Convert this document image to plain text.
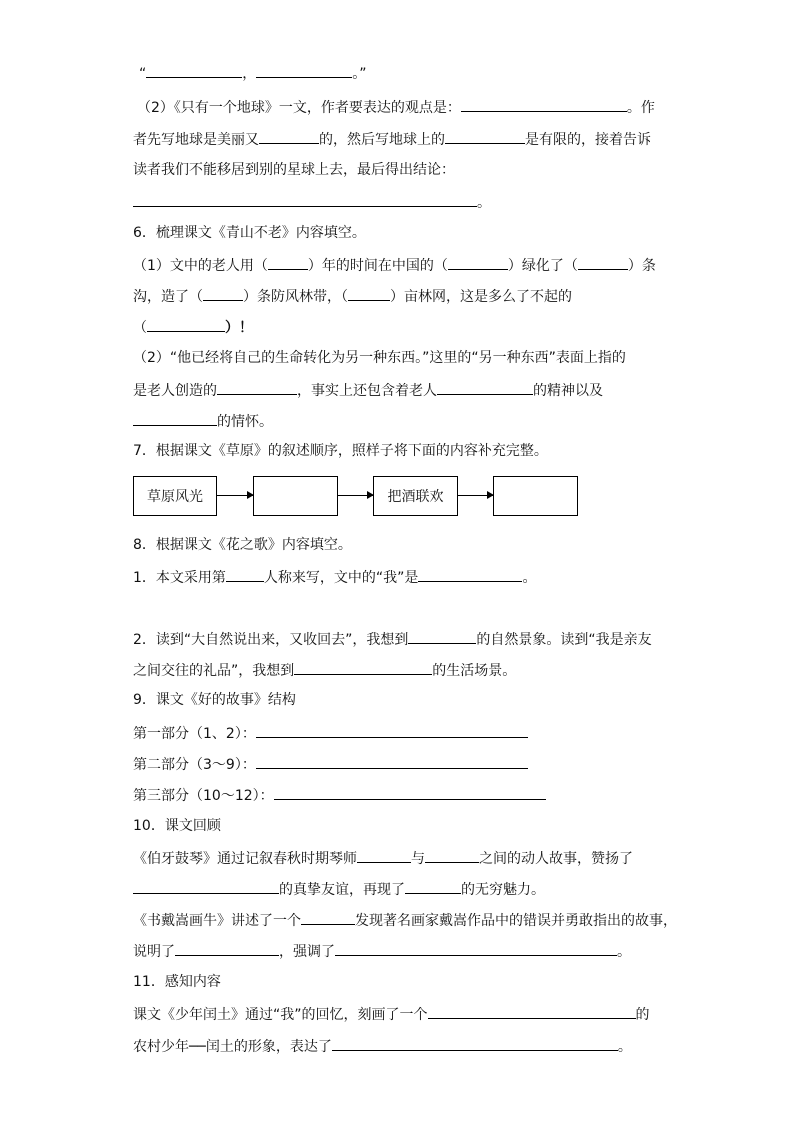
“	，	。”
（2）《只有一个地球》一文，作者要表达的观点是：	。作
者先写地球是美丽又	的，然后写地球上的	是有限的，接着告诉
读者我们不能移居到别的星球上去，最后得出结论：
。
6．梳理课文《青山不老》内容填空。
（1）文中的老人用（	）年的时间在中国的（	）绿化了（	）条
沟，造了（	）条防风林带，（	）亩林网，这是多么了不起的
（	）！
（2）“他已经将自己的生命转化为另一种东西。”这里的“另一种东西”表面上指的
是老人创造的	，事实上还包含着老人	的精神以及
的情怀。
7．根据课文《草原》的叙述顺序，照样子将下面的内容补充完整。
草原风光	把酒联欢
8．根据课文《花之歌》内容填空。
1．本文采用第	人称来写，文中的“我”是	。
2．读到“大自然说出来，又收回去”，我想到	的自然景象。读到“我是亲友
之间交往的礼品”，我想到	的生活场景。
9．课文《好的故事》结构
第一部分（1、2）：
第二部分（3～9）：
第三部分（10～12）：
10．课文回顾
《伯牙鼓琴》通过记叙春秋时期琴师	与	之间的动人故事，赞扬了
的真挚友谊，再现了	的无穷魅力。
《书戴嵩画牛》讲述了一个	发现著名画家戴嵩作品中的错误并勇敢指出的故事，
说明了	，强调了	。
11．感知内容
课文《少年闰土》通过“我”的回忆，刻画了一个	的
农村少年──闰土的形象，表达了	。
